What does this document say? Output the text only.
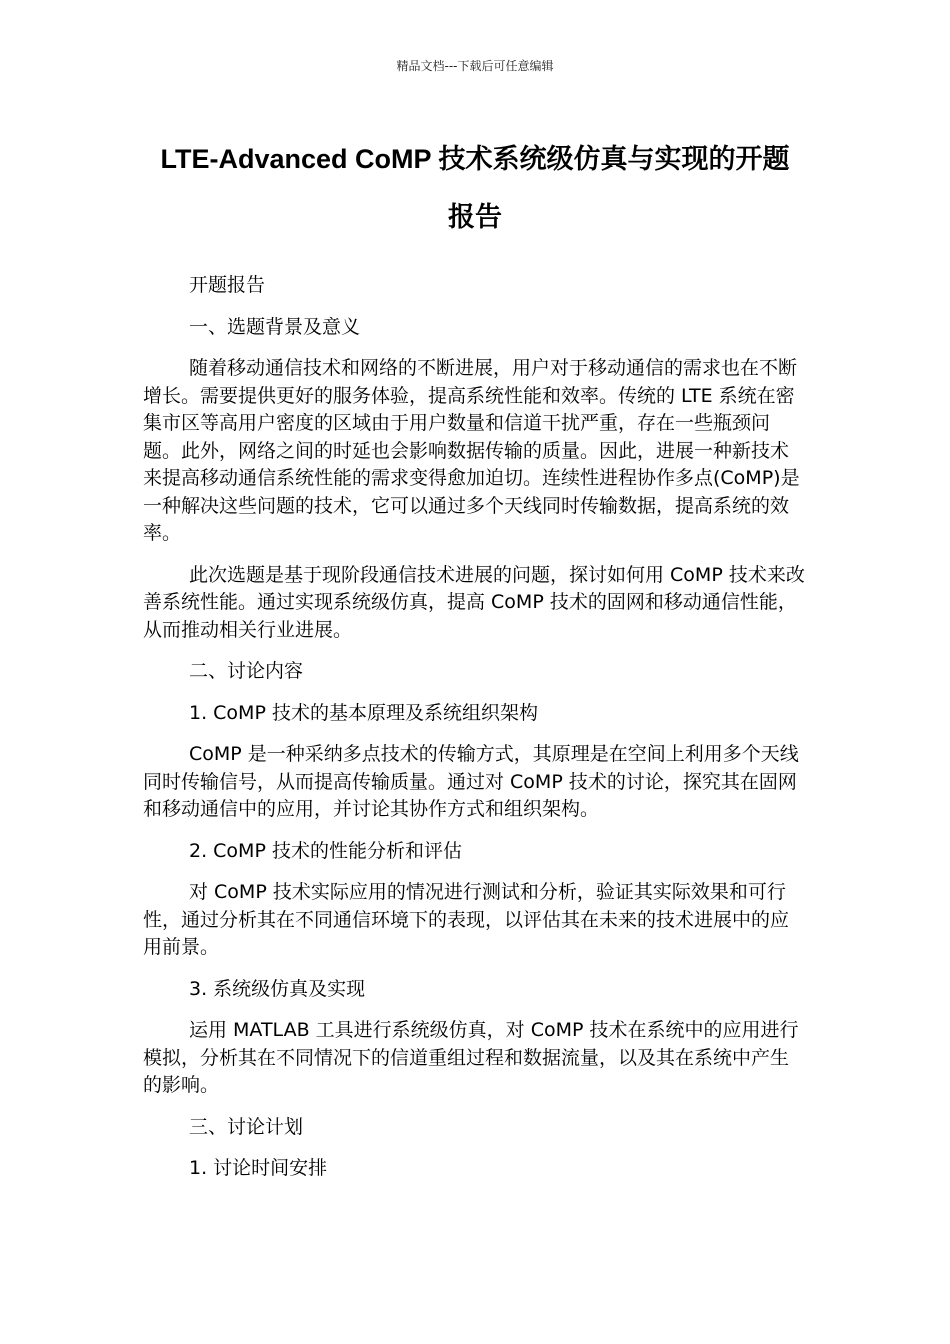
精品文档---下载后可任意编辑
LTE-Advanced CoMP 技术系统级仿真与实现的开题
报告

开题报告

一、选题背景及意义

随着移动通信技术和网络的不断进展，用户对于移动通信的需求也在不断增长。需要提供更好的服务体验，提高系统性能和效率。传统的 LTE 系统在密集市区等高用户密度的区域由于用户数量和信道干扰严重，存在一些瓶颈问题。此外，网络之间的时延也会影响数据传输的质量。因此，进展一种新技术来提高移动通信系统性能的需求变得愈加迫切。连续性进程协作多点(CoMP)是一种解决这些问题的技术，它可以通过多个天线同时传输数据，提高系统的效率。

此次选题是基于现阶段通信技术进展的问题，探讨如何用 CoMP 技术来改善系统性能。通过实现系统级仿真，提高 CoMP 技术的固网和移动通信性能，从而推动相关行业进展。

二、讨论内容

1. CoMP 技术的基本原理及系统组织架构

CoMP 是一种采纳多点技术的传输方式，其原理是在空间上利用多个天线同时传输信号，从而提高传输质量。通过对 CoMP 技术的讨论，探究其在固网和移动通信中的应用，并讨论其协作方式和组织架构。

2. CoMP 技术的性能分析和评估

对 CoMP 技术实际应用的情况进行测试和分析，验证其实际效果和可行性，通过分析其在不同通信环境下的表现，以评估其在未来的技术进展中的应用前景。

3. 系统级仿真及实现

运用 MATLAB 工具进行系统级仿真，对 CoMP 技术在系统中的应用进行模拟，分析其在不同情况下的信道重组过程和数据流量，以及其在系统中产生的影响。

三、讨论计划

1. 讨论时间安排
